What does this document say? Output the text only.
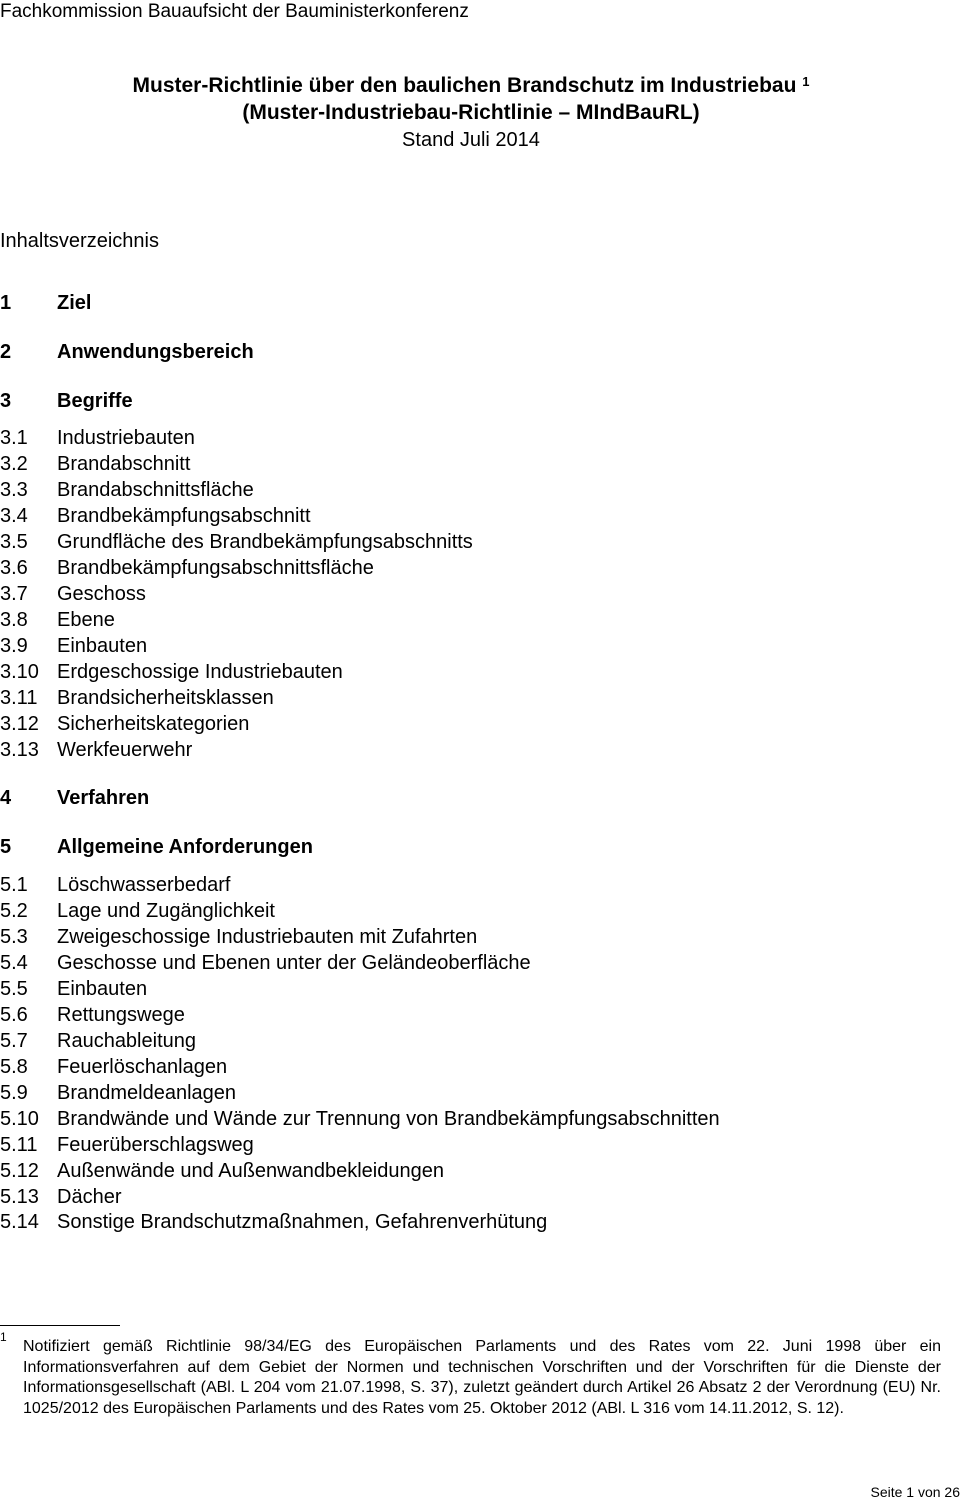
Fachkommission Bauaufsicht der Bauministerkonferenz
Muster-Richtlinie über den baulichen Brandschutz im Industriebau $^1$
(Muster-Industriebau-Richtlinie – MIndBauRL)
Stand Juli 2014
Inhaltsverzeichnis
1 Ziel
2 Anwendungsbereich
3 Begriffe
3.1 Industriebauten
3.2 Brandabschnitt
3.3 Brandabschnittsfläche
3.4 Brandbekämpfungsabschnitt
3.5 Grundfläche des Brandbekämpfungsabschnitts
3.6 Brandbekämpfungsabschnittsfläche
3.7 Geschoss
3.8 Ebene
3.9 Einbauten
3.10 Erdgeschossige Industriebauten
3.11 Brandsicherheitsklassen
3.12 Sicherheitskategorien
3.13 Werkfeuerwehr
4 Verfahren
5 Allgemeine Anforderungen
5.1 Löschwasserbedarf
5.2 Lage und Zugänglichkeit
5.3 Zweigeschossige Industriebauten mit Zufahrten
5.4 Geschosse und Ebenen unter der Geländeoberfläche
5.5 Einbauten
5.6 Rettungswege
5.7 Rauchableitung
5.8 Feuerlöschanlagen
5.9 Brandmeldeanlagen
5.10 Brandwände und Wände zur Trennung von Brandbekämpfungsabschnitten
5.11 Feuerüberschlagsweg
5.12 Außenwände und Außenwandbekleidungen
5.13 Dächer
5.14 Sonstige Brandschutzmaßnahmen, Gefahrenverhütung
1
Notifiziert gemäß Richtlinie 98/34/EG des Europäischen Parlaments und des Rates vom 22. Juni 1998 über ein Informationsverfahren auf dem Gebiet der Normen und technischen Vorschriften und der Vorschriften für die Dienste der Informationsgesellschaft (ABl. L 204 vom 21.07.1998, S. 37), zuletzt geändert durch Artikel 26 Absatz 2 der Verordnung (EU) Nr. 1025/2012 des Europäischen Parlaments und des Rates vom 25. Oktober 2012 (ABl. L 316 vom 14.11.2012, S. 12).
Seite 1 von 26
